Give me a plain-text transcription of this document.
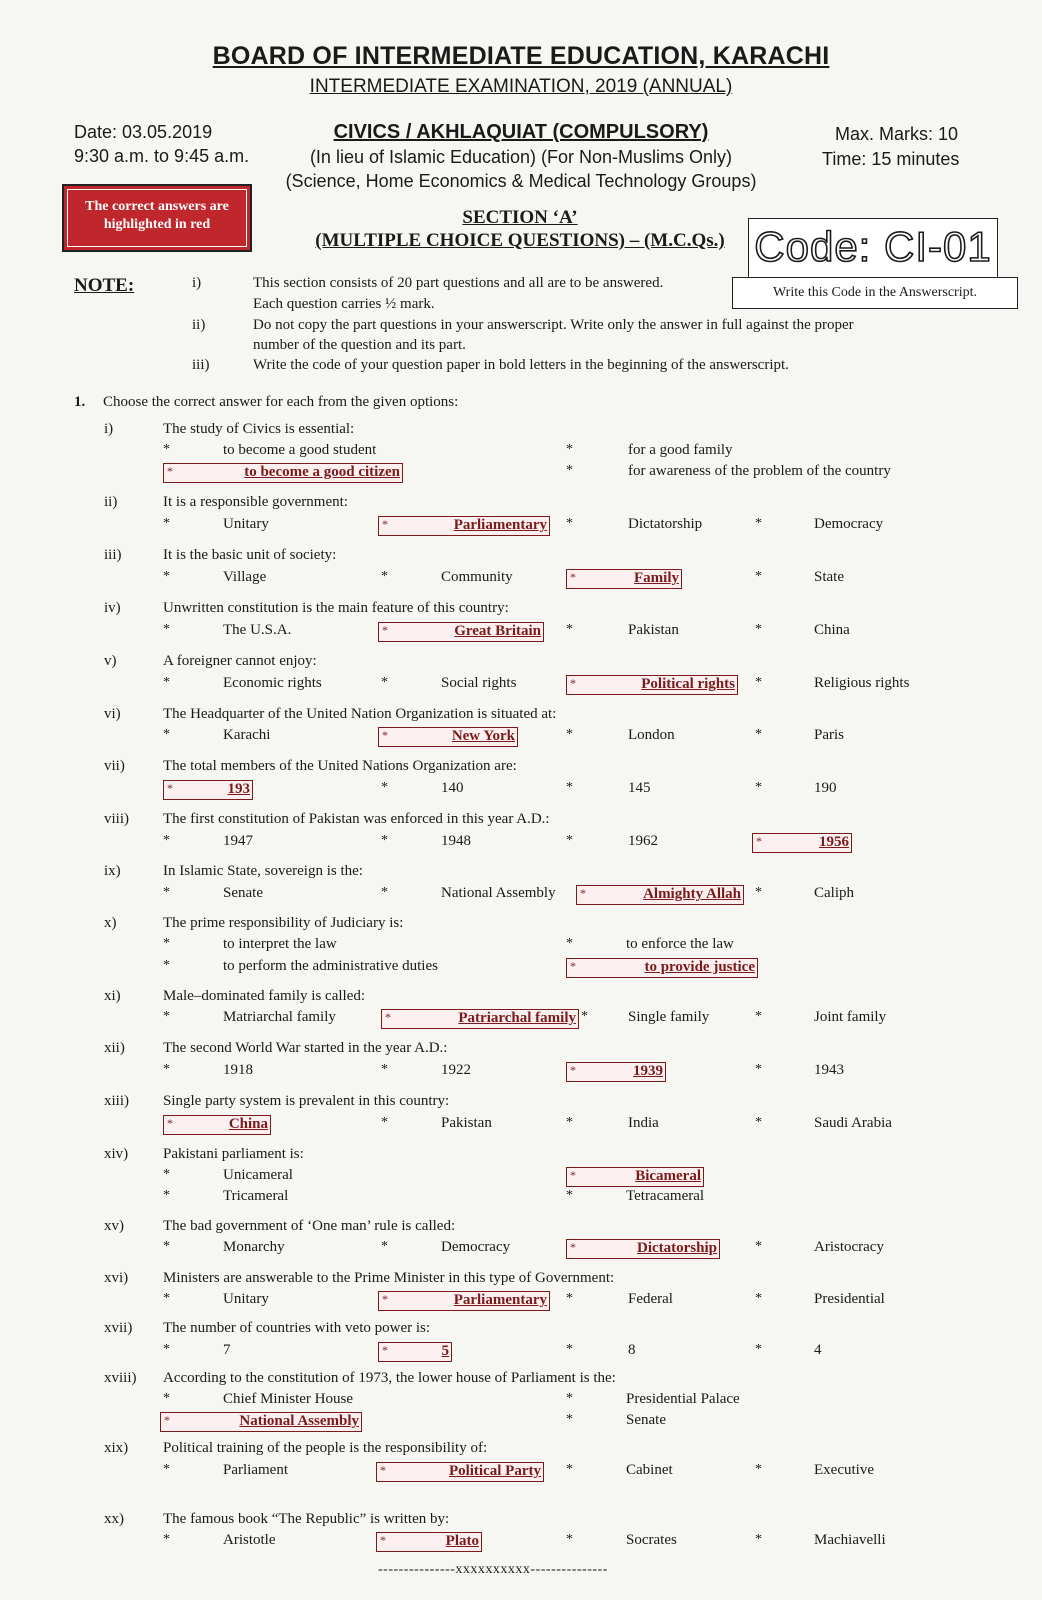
BOARD OF INTERMEDIATE EDUCATION, KARACHI
INTERMEDIATE EXAMINATION, 2019 (ANNUAL)
Date: 03.05.2019
9:30 a.m. to 9:45 a.m.
CIVICS / AKHLAQUIAT (COMPULSORY)
(In lieu of Islamic Education) (For Non-Muslims Only)
(Science, Home Economics & Medical Technology Groups)
Max. Marks: 10
Time: 15 minutes
The correct answers are highlighted in red	SECTION ‘A’
(MULTIPLE CHOICE QUESTIONS) – (M.C.Qs.) Code: CI-01
Write this Code in the Answerscript.
NOTE:	i)	This section consists of 20 part questions and all are to be answered.
Each question carries ½ mark.
ii)	Do not copy the part questions in your answerscript. Write only the answer in full against the proper
number of the question and its part.
iii)	Write the code of your question paper in bold letters in the beginning of the answerscript.
1. Choose the correct answer for each from the given options:
i)	The study of Civics is essential:
*	to become a good student	*	for a good family
*	to become a good citizen	*	for awareness of the problem of the country
ii)	It is a responsible government:
*	Unitary	*	Parliamentary *	Dictatorship	*	Democracy
iii)	It is the basic unit of society:
*	Village	*	Community	*	Family	*	State
iv)	Unwritten constitution is the main feature of this country:
*	The U.S.A.	*	Great Britain *	Pakistan	*	China
v)	A foreigner cannot enjoy:
*	Economic rights	*	Social rights	*	Political rights *	Religious rights
vi)	The Headquarter of the United Nation Organization is situated at:
*	Karachi	*	New York	*	London	*	Paris
vii)	The total members of the United Nations Organization are:
*	193	*	140	*	145	*	190
viii) The first constitution of Pakistan was enforced in this year A.D.:
*	1947	*	1948	*	1962	*	1956
ix)	In Islamic State, sovereign is the:
*	Senate	*	National Assembly *	Almighty Allah *	Caliph
x)	The prime responsibility of Judiciary is:
*	to interpret the law	*	to enforce the law
*	to perform the administrative duties	*	to provide justice
xi)	Male–dominated family is called:
*	Matriarchal family	*	Patriarchal family *	Single family	*	Joint family
xii)	The second World War started in the year A.D.:
*	1918	*	1922	*	1939	*	1943
xiii) Single party system is prevalent in this country:
*	China	*	Pakistan	*	India	*	Saudi Arabia
xiv) Pakistani parliament is:
*	Unicameral	*	Bicameral
*	Tricameral	*	Tetracameral
xv)	The bad government of ‘One man’ rule is called:
*	Monarchy	*	Democracy	*	Dictatorship	*	Aristocracy
xvi) Ministers are answerable to the Prime Minister in this type of Government:
*	Unitary	*	Parliamentary *	Federal	*	Presidential
xvii) The number of countries with veto power is:
*	7	*	5	*	8	*	4
xviii) According to the constitution of 1973, the lower house of Parliament is the:
*	Chief Minister House	*	Presidential Palace
*	National Assembly	*	Senate
xix) Political training of the people is the responsibility of:
*	Parliament	*	Political Party *	Cabinet	*	Executive
xx)	The famous book “The Republic” is written by:
*	Aristotle	*	Plato	*	Socrates	*	Machiavelli
---------------xxxxxxxxxx---------------
